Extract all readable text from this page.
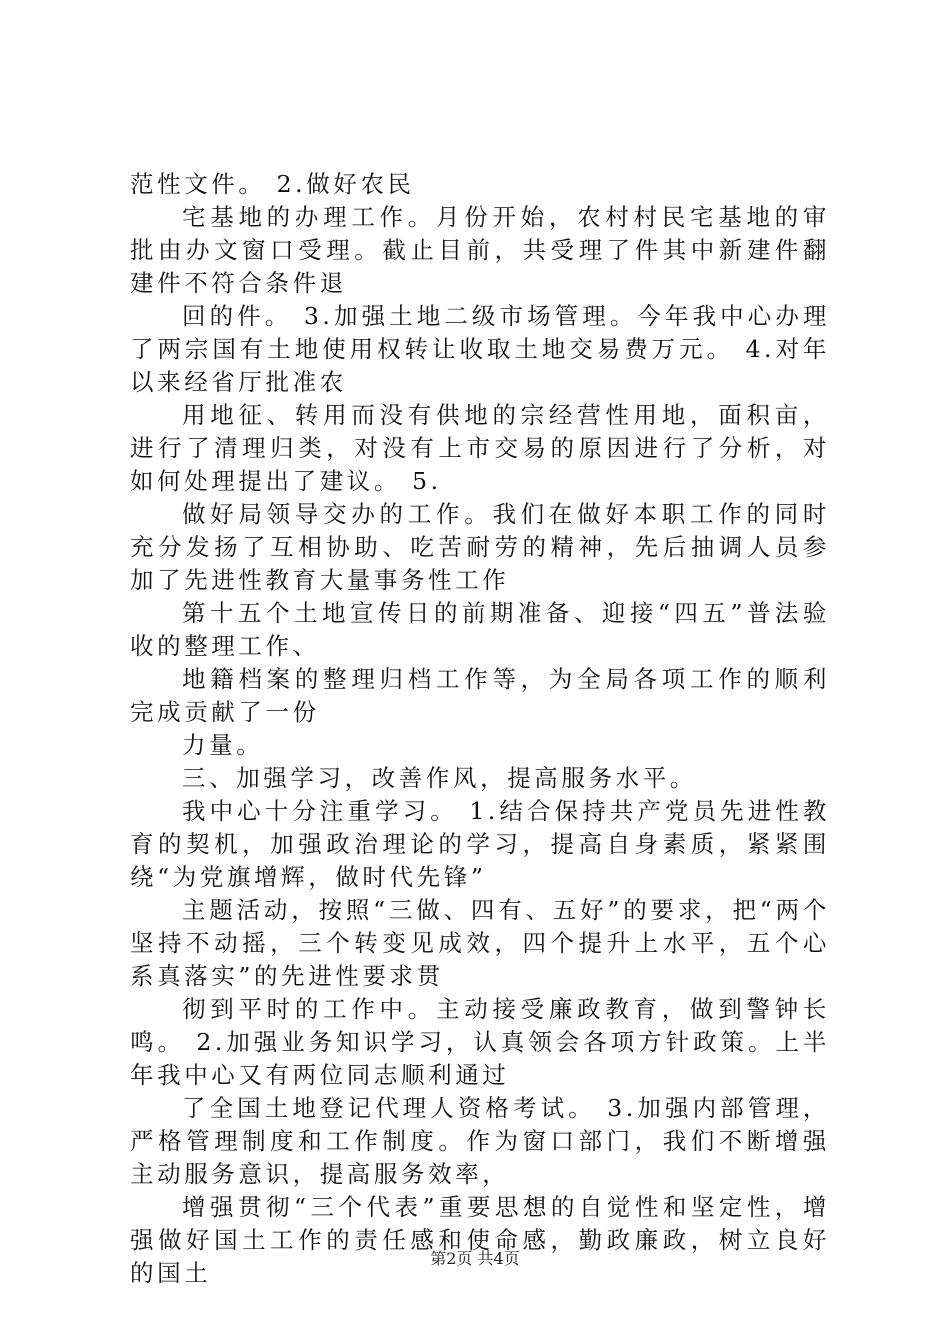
范性文件。 2.做好农民

宅基地的办理工作。月份开始，农村村民宅基地的审批由办文窗口受理。截止目前，共受理了件其中新建件翻建件不符合条件退

回的件。 3.加强土地二级市场管理。今年我中心办理了两宗国有土地使用权转让收取土地交易费万元。 4.对年以来经省厅批准农

用地征、转用而没有供地的宗经营性用地，面积亩，进行了清理归类，对没有上市交易的原因进行了分析，对如何处理提出了建议。 5.

做好局领导交办的工作。我们在做好本职工作的同时充分发扬了互相协助、吃苦耐劳的精神，先后抽调人员参加了先进性教育大量事务性工作

第十五个土地宣传日的前期准备、迎接“四五”普法验收的整理工作、

地籍档案的整理归档工作等，为全局各项工作的顺利完成贡献了一份

力量。

三、加强学习，改善作风，提高服务水平。

我中心十分注重学习。 1.结合保持共产党员先进性教育的契机，加强政治理论的学习，提高自身素质，紧紧围绕“为党旗增辉，做时代先锋”

主题活动，按照“三做、四有、五好”的要求，把“两个坚持不动摇，三个转变见成效，四个提升上水平，五个心系真落实”的先进性要求贯

彻到平时的工作中。主动接受廉政教育，做到警钟长鸣。 2.加强业务知识学习，认真领会各项方针政策。上半年我中心又有两位同志顺利通过

了全国土地登记代理人资格考试。 3.加强内部管理，严格管理制度和工作制度。作为窗口部门，我们不断增强主动服务意识，提高服务效率，

增强贯彻“三个代表”重要思想的自觉性和坚定性，增强做好国土工作的责任感和使命感，勤政廉政，树立良好的国土

第2页 共4页
